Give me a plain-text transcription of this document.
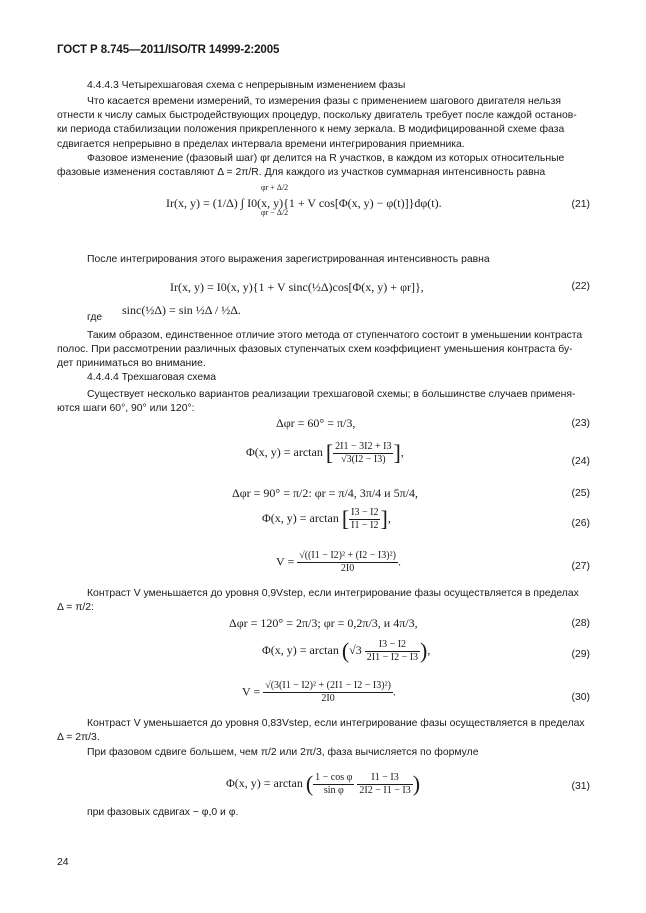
ГОСТ Р 8.745—2011/ISO/TR 14999-2:2005
4.4.4.3 Четырехшаговая схема с непрерывным изменением фазы
Что касается времени измерений, то измерения фазы с применением шагового двигателя нельзя
отнести к числу самых быстродействующих процедур, поскольку двигатель требует после каждой останов-
ки периода стабилизации положения прикрепленного к нему зеркала. В модифицированной схеме фаза
сдвигается непрерывно в пределах интервала времени интегрирования приемника.
Фазовое изменение (фазовый шаг) φr делится на R участков, в каждом из которых относительные
фазовые изменения составляют Δ = 2π/R. Для каждого из участков суммарная интенсивность равна
φr + Δ/2
Ir(x, y) = (1/Δ) ∫ I0(x, y){1 + V cos[Φ(x, y) − φ(t)]}dφ(t).
φr − Δ/2
(21)
После интегрирования этого выражения зарегистрированная интенсивность равна
Ir(x, y) = I0(x, y){1 + V sinc(½Δ)cos[Φ(x, y) + φr]},	(22)
где
sinc(½Δ) = sin ½Δ / ½Δ.
Таким образом, единственное отличие этого метода от ступенчатого состоит в уменьшении контраста
полос. При рассмотрении различных фазовых ступенчатых схем коэффициент уменьшения контраста бу-
дет приниматься во внимание.
4.4.4.4 Трехшаговая схема
Существует несколько вариантов реализации трехшаговой схемы; в большинстве случаев применя-
ются шаги 60°, 90° или 120°:
Δφr = 60° = π/3,	(23)
Φ(x, y) = arctan [ $\frac{2I1 - 3I2 + I3}{√3(I2 - I3)}$ ],
(24)
Δφr = 90° = π/2: φr = π/4, 3π/4 и 5π/4,	(25)
Φ(x, y) = arctan [ $\frac{I3 - I2}{I1 - I2}$ ],	(26)
$V = \frac{\text{√((I1 − I2)² + (I2 − I3)²)}}{2I0}$ .	(27)
Контраст V уменьшается до уровня 0,9Vstep, если интегрирование фазы осуществляется в пределах
Δ = π/2:
Δφr = 120° = 2π/3; φr = 0,2π/3, и 4π/3,	(28)
Φ(x, $y) = \arctan (√3 \frac{I3 - I2}{2I1 - I2 - I3}$ ),	(29)
$V = \frac{\text{√(3(I1 − I2)² + (2I1 − I2 − I3)²)}}{2I0}$ .	(30)
Контраст V уменьшается до уровня 0,83Vstep, если интегрирование фазы осуществляется в пределах
Δ = 2π/3.
При фазовом сдвиге большем, чем π/2 или 2π/3, фаза вычисляется по формуле
Φ(x, y) = arctan ( $\frac{\text{1 − cos φ}}{\text{sin φ}}$
$\frac{I1 - I3}{2I2 - I1 - I3}$ )	(31)
при фазовых сдвигах − φ,0 и φ.
24
